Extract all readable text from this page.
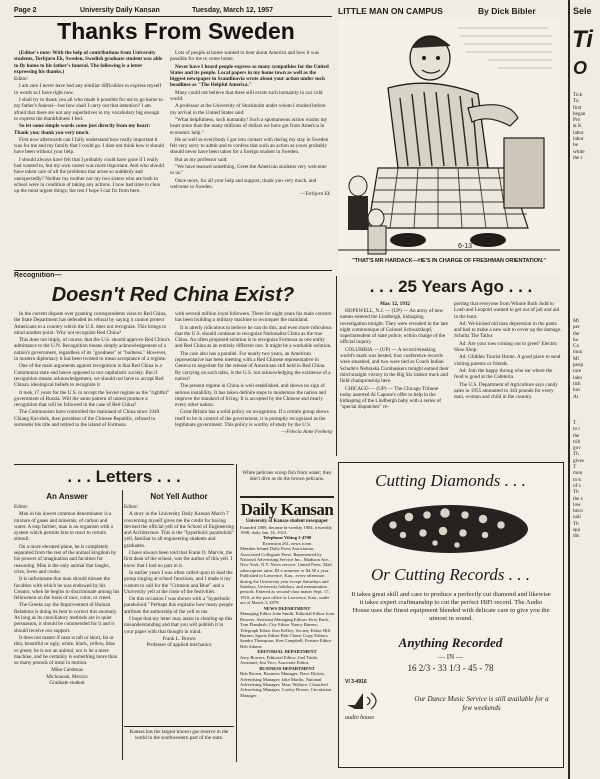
Page 2	University Daily Kansan	Tuesday, March 12, 1957
Thanks From Sweden

(Editor's note: With the help of contributions from University students, Torbjorn Ek, Sweden, Swedish graduate student was able to fly home to his father's funeral. The following is a letter expressing his thanks.)

Editor:

I am sure I never have had any similiar difficulties to express myself in words as I have right now.

I shall try to thank you all who made it possible for me to go home to my father's funeral—but how shall I carry out that intention? I am afraid that there are not any superlatives in my vocabulary big enough to express the thankfulness I feel.

So let some simple words come just directly from my heart: Thank you; thank you very much.

First now afterwards can I fully understand how really important it was for me and my family that I could go. I dare not think how it should have been without your help.

I should always have felt that I probably could have gone if I really had wanted to, but my own career was more important. And who should have taken care of all the problems that arose so suddenly and unexpectedly? Neither my mother nor my two sisters who are both in school were in condition of taking any actions. I now had time to clear up the most urgent things; the rest I hope I can fix from here.

Lots of people at home wanted to hear about America and how it was possible for me to come home.

Never have I heard people express so many sympathies for the United States and its people. Local papers in my home town as well as the biggest newspaper in Scandinavia wrote about your action under such headlines as "The Helpful America."

Many could not believe that there still exists such humanity in our cold world.

A professor at the University of Stockholm under whom I studied before my arrival in the United States said:

"What helpfulness, such humanity! Such a spontaneous action warms my heart more than the many millions of dollars we have got from America in economic help."

He as well as everybody I got into contact with during my stay in Sweden felt very sorry to admit and to confess that such an action as yours probably should never have been taken for a foreign student in Sweden.

But as my professor said:

"We have learned something. Greet the American students very welcome to us."

Once more, for all your help and support, thank you very much, and welcome to Sweden.

—Torbjorn Ek

LITTLE MAN ON CAMPUS	By Dick Bibler
6-13
"THAT'S MR HARDACK—HE'S IN CHARGE OF FRESHMAN ORIENTATION."
Recognition—
Doesn't Red China Exist?

In the current dispute over granting correspondents visas to Red China, the State Department has defended its refusal by saying it cannot protect Americans in a country which the U.S. does not recognize. This brings to mind another point: Why not recognize Red China?

This does not imply, of course, that the U.S. should approve Red China's admittance to the U.N. Recognition means simply acknowledgement of a nation's government, regardless of its "goodness" or "badness." However, in modern diplomacy it has been twisted to mean acceptance of a regime.

One of the main arguments against recognition is that Red China is a Communist state and hence opposed to our capitalistic society. But if recognition means acknowledgement, we should not have to accept Red China's ideological beliefs to recognize it.

It took 17 years for the U.S. to accept the Soviet regime as the "rightful" government of Russia. Will the same pattern of unrest produce a recognition that will be followed in the case of Red China?

The Communists have controlled the mainland of China since 1949. Chiang Kai-shek, then president of the Chinese Republic, refused to surrender his title and retired to the island of Formosa

with several million loyal followers. There for eight years his main concern has been building a military machine to reconquer the mainland.

It is utterly ridiculous to believe he can do this, and even more ridiculous that the U.S. should continue to recognize Nationalist China as the true China. An often proposed solution is to recognize Formosa as one entity and Red China as an entirely different one. It might be a workable solution.

The case also has a parallel. For nearly two years, an American representative has been meeting with a Red Chinese representative in Geneva to negotiate for the release of Americans still held in Red China. By carrying on such talks, is the U.S. not acknowledging the existence of a nation?

The present regime in China is well established, and shows no sign of serious instability. It has taken definite steps to modernize the nation and improve the standard of living. It is accepted by the Chinese and nearly every other nation.

Great Britain has a solid policy on recognition. If a certain group shows itself to be in control of the government, it is promptly recognized as the legitimate government. This policy is worthy of study by the U.S.

—Felecia Anne Feeberg

. . . 25 Years Ago . . .
Mar. 12, 1932

HOPEWELL, N.J. — (UP) — An army of new names entered the Lindbergh, kidnaping investigation tonight. They were revealed in the late night communique of Colonel Schwarzkopf, superintendent of state police, within charge of the official inquiry.

COLUMBIA — (UP) — A record-breaking world's mark was bested, four conference records were smashed, and two were tied as Coach Indian Schulte's Nebraska Cornhuskers tonight earned their third straight victory in the Big Six indoor track and field championship here.

CHICAGO — (UP) — The Chicago Tribune today asserted Al Capone's offer to help in the kidnaping of the Lindbergh baby with a series of "special dispatches" re-

porting that everyone from Winnie Ruth Judd to Loeb and Leopold wanted to get out of jail and aid in the hunt.

Ad: We kicked old man depression in the pants and had to make a new suit to cover up the damage. Schultz The Tailor.

Ad: Are your toes coming out to greet? Electric Shoe Shop.

Ad: Glidden Tourist Home. A good place to send visiting parents or friends.

Ad: Join the happy throng who eat where the food is good at the Cafeteria.

The U.S. Department of Agriculture says candy sales in 1955 amounted to 343 pounds for every man, woman and child in the country.

. . . Letters . . .
An Answer	Not Yell Author

Editor:

Man in his lowest common denominator is a mixture of gases and minerals, of carbon and water. A step further, man is an organism with a system which permits him to react to certain stimuli.

On a more elevated plane, he is completely separated from the rest of the animal kingdom by his powers of imagination and faculties for reasoning. Man is the only animal that laughs, cries, loves and cooks.

It is unfortunate that man should misuse the faculties with which he was endowed by his Creator, when he begins to discriminate among his fellowmen on the basis of race, color, or creed.

The Greeks say the Improvement of Human Relations is doing its best to correct this anomaly. As long as its conciliatory methods are in quiet persuasion, it should be commended for it and it should receive our support.

It does not matter if man is tall or short, fat or thin, beautiful or ugly, white, black, yellow, blue or green; he is not an animal, nor is he a mere machine, and he certainly is something more than so many pounds of meal in motion.

Mike Cardenas
Michoacan, Mexico
Graduate student

Editor:

A story in the University Daily Kansan March 7 concerning myself gives me the credit for having devised the official yell of the School of Engineering and Architecture. This is the "hyperbolic paraboloid" yell, familiar to all engineering students and graduates.

I have always been told that Frank O. Marvin, the first dean of the school, was the author of this yell. I know that I had no part in it.

In earlier years I was often called upon to lead the group singing at school functions, and I made it my custom to call for the "Crimson and Blue" and a University yell at the close of the festivities.

On this occasion I was shown with a "hyperbolic paraboloid." Perhaps this explains how many people attribute the authorship of the yell to me.

I hope that my letter may assist in clearing up this misunderstanding and that you will publish it in your paper with that thought in mind.

Frank L. Brown
Professor of applied mechanics

Kansas has the largest known gas reserve in the world in the southwestern part of the state.
White pelicans scoop fish from water; they don't dive as do the brown pelicans.
Daily Kansan
University of Kansas student newspaper
Founded 1889, became bi-weekly 1904, triweekly 1908, daily Jan. 16, 1912.
Telephone Viking 3-4700
Extension 261, news room
Member Inland Daily Press Association, Associated Collegiate Press. Represented by National Advertising Service Inc., Madison Ave., New York, N.Y. News service: United Press. Mail subscription rates: $3 a semester or $4.50 a year. Published in Lawrence, Kan., every afternoon during the University year except Saturdays and Sundays, University holidays, and examination periods. Entered as second-class matter Sept. 17, 1910, at the post office at Lawrence, Kan., under act of March 3, 1879.
NEWS DEPARTMENT
Managing Editor John Smith; Editorial Editor Joan Bowers; Assistant Managing Editors Jerry Buck, Tom Flambish; City Editor Nancy Barnes; Telegraph Editor Ken Kelley; Society Editor Bill Barnes; Sports Editor Bob Chase; Copy Editors Sandra Thompson, Ken Campbell; Feature Editor Bob Adams.
EDITORIAL DEPARTMENT
Jerry Bowers, Editorial Editor; Joel Tuttle, Assistant; Jim Vico, Associate Editor.
BUSINESS DEPARTMENT
Bob Brown, Business Manager; Dave Dickey, Advertising Manager; Jake Marlin, National Advertising Manager; Marc Wallace, Classified Advertising Manager; Cooley Brown, Circulation Manager.
Cutting Diamonds . . .
Or Cutting Records . . .
It takes great skill and care to produce a perfectly cut diamond and likewise it takes expert craftmanship to cut the perfect HiFi record. The Audio House uses the finest equipment blended with delicate care to give you the utmost in sound.
Anything Recorded
— IN —
16 2/3 - 33 1/3 - 45 - 78
VI 3-4916
audio house
Our Dance Music Service is still available for a few weekends
Sele
Ti
O
Tick
Tu
first
began
Pro
at K
labor
labor
be
white
the r
Mi
pec
the
ha
Ca
mun
Mi
peop
ture
labo
tick
hav
At
T
to t
the
trib
gov
Th
gives
T
mon
to k
of s
Th
the s
low
beco
nali
Th
spa
dis
